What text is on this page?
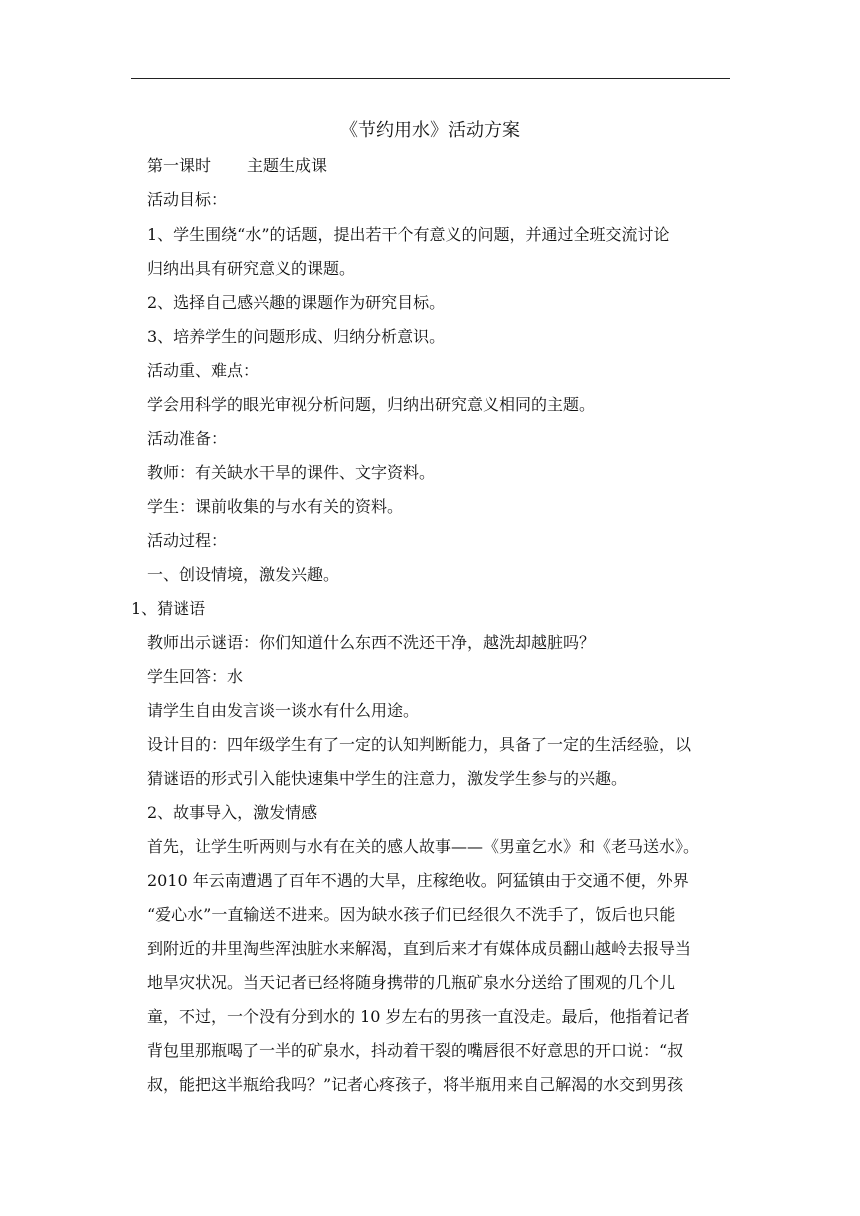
《节约用水》活动方案
第一课时 主题生成课
活动目标：
1、学生围绕“水”的话题，提出若干个有意义的问题，并通过全班交流讨论
归纳出具有研究意义的课题。
2、选择自己感兴趣的课题作为研究目标。
3、培养学生的问题形成、归纳分析意识。
活动重、难点：
学会用科学的眼光审视分析问题，归纳出研究意义相同的主题。
活动准备：
教师：有关缺水干旱的课件、文字资料。
学生：课前收集的与水有关的资料。
活动过程：
一、创设情境，激发兴趣。
1、猜谜语
教师出示谜语：你们知道什么东西不洗还干净，越洗却越脏吗？
学生回答：水
请学生自由发言谈一谈水有什么用途。
设计目的：四年级学生有了一定的认知判断能力，具备了一定的生活经验，以
猜谜语的形式引入能快速集中学生的注意力，激发学生参与的兴趣。
2、故事导入，激发情感
首先，让学生听两则与水有在关的感人故事——《男童乞水》和《老马送水》。
2010 年云南遭遇了百年不遇的大旱，庄稼绝收。阿猛镇由于交通不便，外界
“爱心水”一直输送不进来。因为缺水孩子们已经很久不洗手了，饭后也只能
到附近的井里淘些浑浊脏水来解渴，直到后来才有媒体成员翻山越岭去报导当
地旱灾状况。当天记者已经将随身携带的几瓶矿泉水分送给了围观的几个儿
童，不过，一个没有分到水的 10 岁左右的男孩一直没走。最后，他指着记者
背包里那瓶喝了一半的矿泉水，抖动着干裂的嘴唇很不好意思的开口说：“叔
叔，能把这半瓶给我吗？”记者心疼孩子，将半瓶用来自己解渴的水交到男孩
